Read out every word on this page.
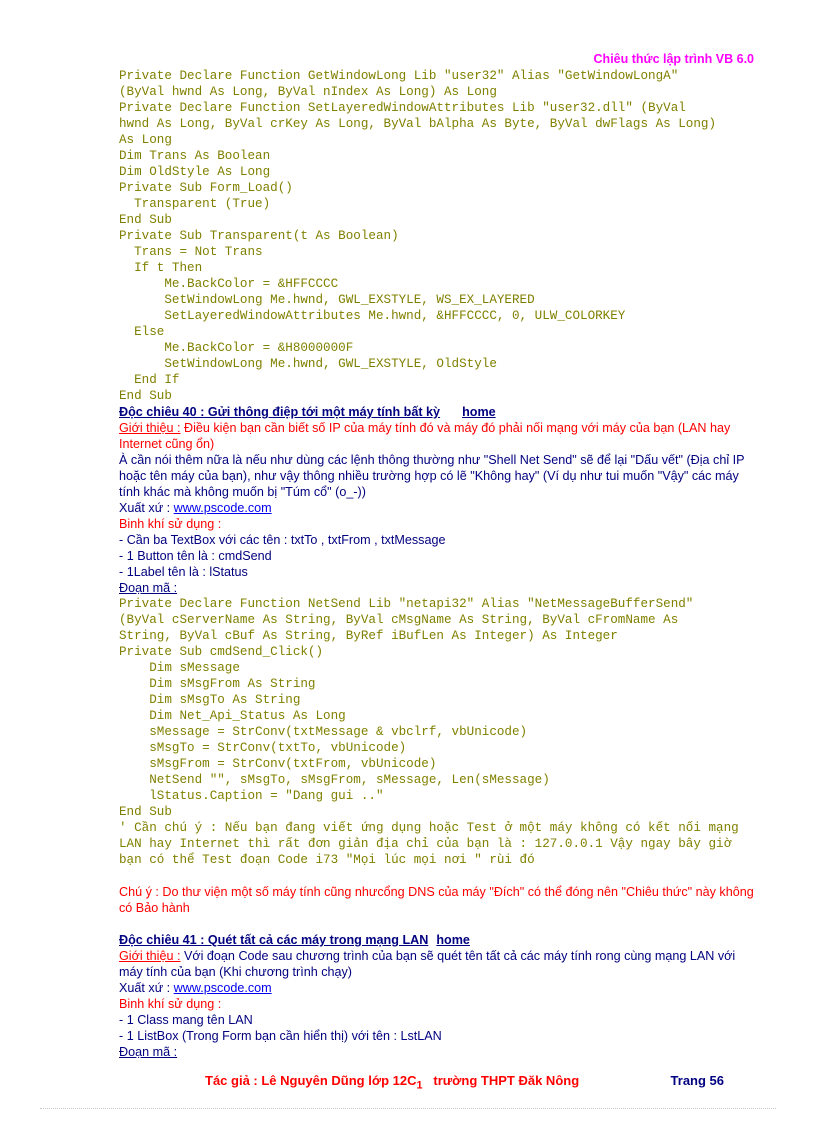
Chiêu thức lập trình VB 6.0
Private Declare Function GetWindowLong Lib "user32" Alias "GetWindowLongA"
(ByVal hwnd As Long, ByVal nIndex As Long) As Long
Private Declare Function SetLayeredWindowAttributes Lib "user32.dll" (ByVal
hwnd As Long, ByVal crKey As Long, ByVal bAlpha As Byte, ByVal dwFlags As Long)
As Long
Dim Trans As Boolean
Dim OldStyle As Long
Private Sub Form_Load()
Transparent (True)
End Sub
Private Sub Transparent(t As Boolean)
Trans = Not Trans
If t Then
Me.BackColor = &HFFCCCC
SetWindowLong Me.hwnd, GWL_EXSTYLE, WS_EX_LAYERED
SetLayeredWindowAttributes Me.hwnd, &HFFCCCC, 0, ULW_COLORKEY
Else
Me.BackColor = &H8000000F
SetWindowLong Me.hwnd, GWL_EXSTYLE, OldStyle
End If
End Sub

Độc chiêu 40 : Gửi thông điệp tới một máy tính bất kỳ home

Giới thiệu : Điều kiện bạn cần biết số IP của máy tính đó và máy đó phải nối mạng với máy của bạn (LAN hay Internet cũng ổn)

À cần nói thêm nữa là nếu như dùng các lệnh thông thường như "Shell Net Send" sẽ để lại "Dấu vết" (Địa chỉ IP hoặc tên máy của bạn), như vậy thông nhiều trường hợp có lẽ "Không hay" (Ví dụ như tui muốn "Vậy" các máy tính khác mà không muốn bị "Túm cổ" (o_-))

Xuất xứ : www.pscode.com

Binh khí sử dụng :

- Cần ba TextBox với các tên : txtTo , txtFrom , txtMessage

- 1 Button tên là : cmdSend

- 1Label tên là : lStatus

Đoạn mã :

Private Declare Function NetSend Lib "netapi32" Alias "NetMessageBufferSend"
(ByVal cServerName As String, ByVal cMsgName As String, ByVal cFromName As
String, ByVal cBuf As String, ByRef iBufLen As Integer) As Integer
Private Sub cmdSend_Click()
Dim sMessage
Dim sMsgFrom As String
Dim sMsgTo As String
Dim Net_Api_Status As Long
sMessage = StrConv(txtMessage & vbclrf, vbUnicode)
sMsgTo = StrConv(txtTo, vbUnicode)
sMsgFrom = StrConv(txtFrom, vbUnicode)
NetSend "", sMsgTo, sMsgFrom, sMessage, Len(sMessage)
lStatus.Caption = "Dang gui .."
End Sub

' Cần chú ý : Nếu bạn đang viết ứng dụng hoặc Test ở một máy không có kết nối mạng LAN hay Internet thì rất đơn giản địa chỉ của bạn là : 127.0.0.1 Vậy ngay bây giờ bạn có thể Test đoạn Code i73 "Mọi lúc mọi nơi " rùi đó

Chú ý : Do thư viện một số máy tính cũng nhưcổng DNS của máy "Đích" có thể đóng nên "Chiêu thức" này không có Bảo hành

Độc chiêu 41 : Quét tất cả các máy trong mạng LAN home

Giới thiệu : Với đoạn Code sau chương trình của bạn sẽ quét tên tất cả các máy tính rong cùng mạng LAN với máy tính của bạn (Khi chương trình chạy)

Xuất xứ : www.pscode.com

Binh khí sử dụng :

- 1 Class mang tên LAN

- 1 ListBox (Trong Form bạn cần hiển thị) với tên : LstLAN

Đoạn mã :

Tác giả : Lê Nguyên Dũng lớp $12C_1$ trường THPT Đăk Nông	Trang 56
